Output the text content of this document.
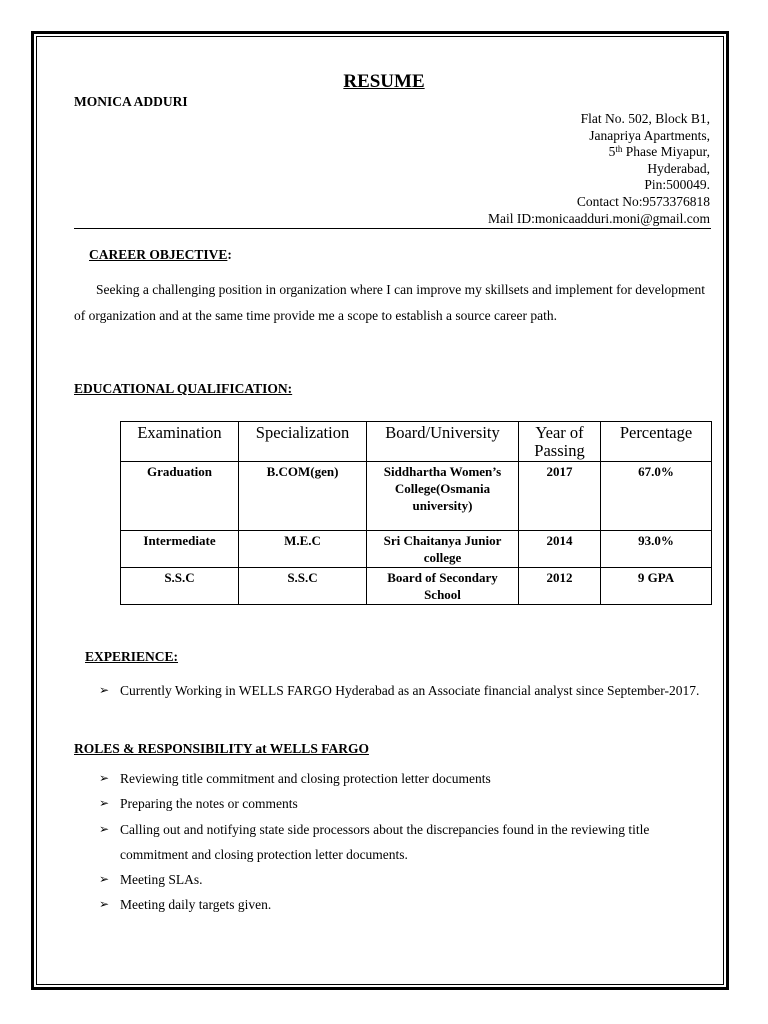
RESUME
MONICA ADDURI
Flat No. 502, Block B1,
Janapriya Apartments,
5th Phase Miyapur,
Hyderabad,
Pin:500049.
Contact No:9573376818
Mail ID:monicaadduri.moni@gmail.com
CAREER OBJECTIVE:
Seeking a challenging position in organization where I can improve my skillsets and implement for development of organization and at the same time provide me a scope to establish a source career path.
EDUCATIONAL QUALIFICATION:
Examination	Specialization	Board/University	Year of Passing	Percentage
Graduation	B.COM(gen)	Siddhartha Women’s College(Osmania university)	2017	67.0%
Intermediate	M.E.C	Sri Chaitanya Junior college	2014	93.0%
S.S.C	S.S.C	Board of Secondary School	2012	9 GPA
EXPERIENCE:
➢ Currently Working in WELLS FARGO Hyderabad as an Associate financial analyst since September-2017.
ROLES & RESPONSIBILITY at WELLS FARGO
➢ Reviewing title commitment and closing protection letter documents
➢ Preparing the notes or comments
➢ Calling out and notifying state side processors about the discrepancies found in the reviewing title commitment and closing protection letter documents.
➢ Meeting SLAs.
➢ Meeting daily targets given.
